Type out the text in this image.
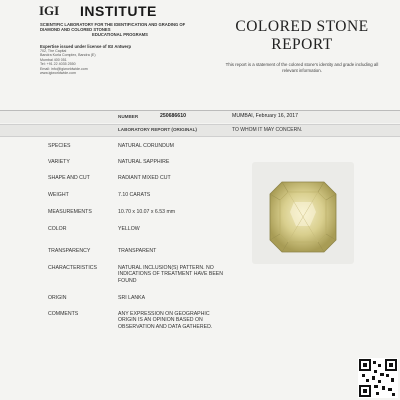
IGI INSTITUTE
SCIENTIFIC LABORATORY FOR THE IDENTIFICATION AND GRADING OF DIAMOND AND COLORED STONES

EDUCATIONAL PROGRAMS
Expertise issued under license of IGI Antwerp
702, The Capital
Bandra Kurla Complex, Bandra (E)
Mumbai 400 051
Tel: +91 22 4035 2550
Email: info@igiworldwide.com
www.igiworldwide.com
COLORED STONE
REPORT
This report is a statement of the colored stone's identity and grade including all relevant information.
NUMBER	250686610	MUMBAI, February 16, 2017
LABORATORY REPORT (ORIGINAL)	TO WHOM IT MAY CONCERN.
SPECIES	NATURAL CORUNDUM
VARIETY	NATURAL SAPPHIRE
SHAPE AND CUT	RADIANT MIXED CUT
WEIGHT	7.10 CARATS
MEASUREMENTS	10.70 x 10.07 x 6.53 mm
COLOR	YELLOW
TRANSPARENCY	TRANSPARENT
CHARACTERISTICS	NATURAL INCLUSION(S) PATTERN. NO INDICATIONS OF TREATMENT HAVE BEEN FOUND
ORIGIN	SRI LANKA
COMMENTS	ANY EXPRESSION ON GEOGRAPHIC ORIGIN IS AN OPINION BASED ON OBSERVATION AND DATA GATHERED.
